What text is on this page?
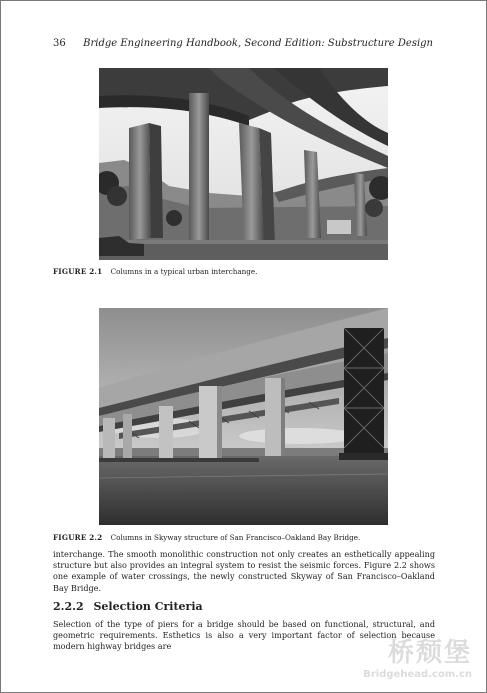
36 Bridge Engineering Handbook, Second Edition: Substructure Design
FIGURE 2.1 Columns in a typical urban interchange.
FIGURE 2.2 Columns in Skyway structure of San Francisco–Oakland Bay Bridge.

interchange. The smooth monolithic construction not only creates an esthetically appealing structure but also provides an integral system to resist the seismic forces. Figure 2.2 shows one example of water crossings, the newly constructed Skyway of San Francisco–Oakland Bay Bridge.

2.2.2 Selection Criteria

Selection of the type of piers for a bridge should be based on functional, structural, and geometric requirements. Esthetics is also a very important factor of selection because modern highway bridges are	桥颓堡
Bridgehead.com.cn
